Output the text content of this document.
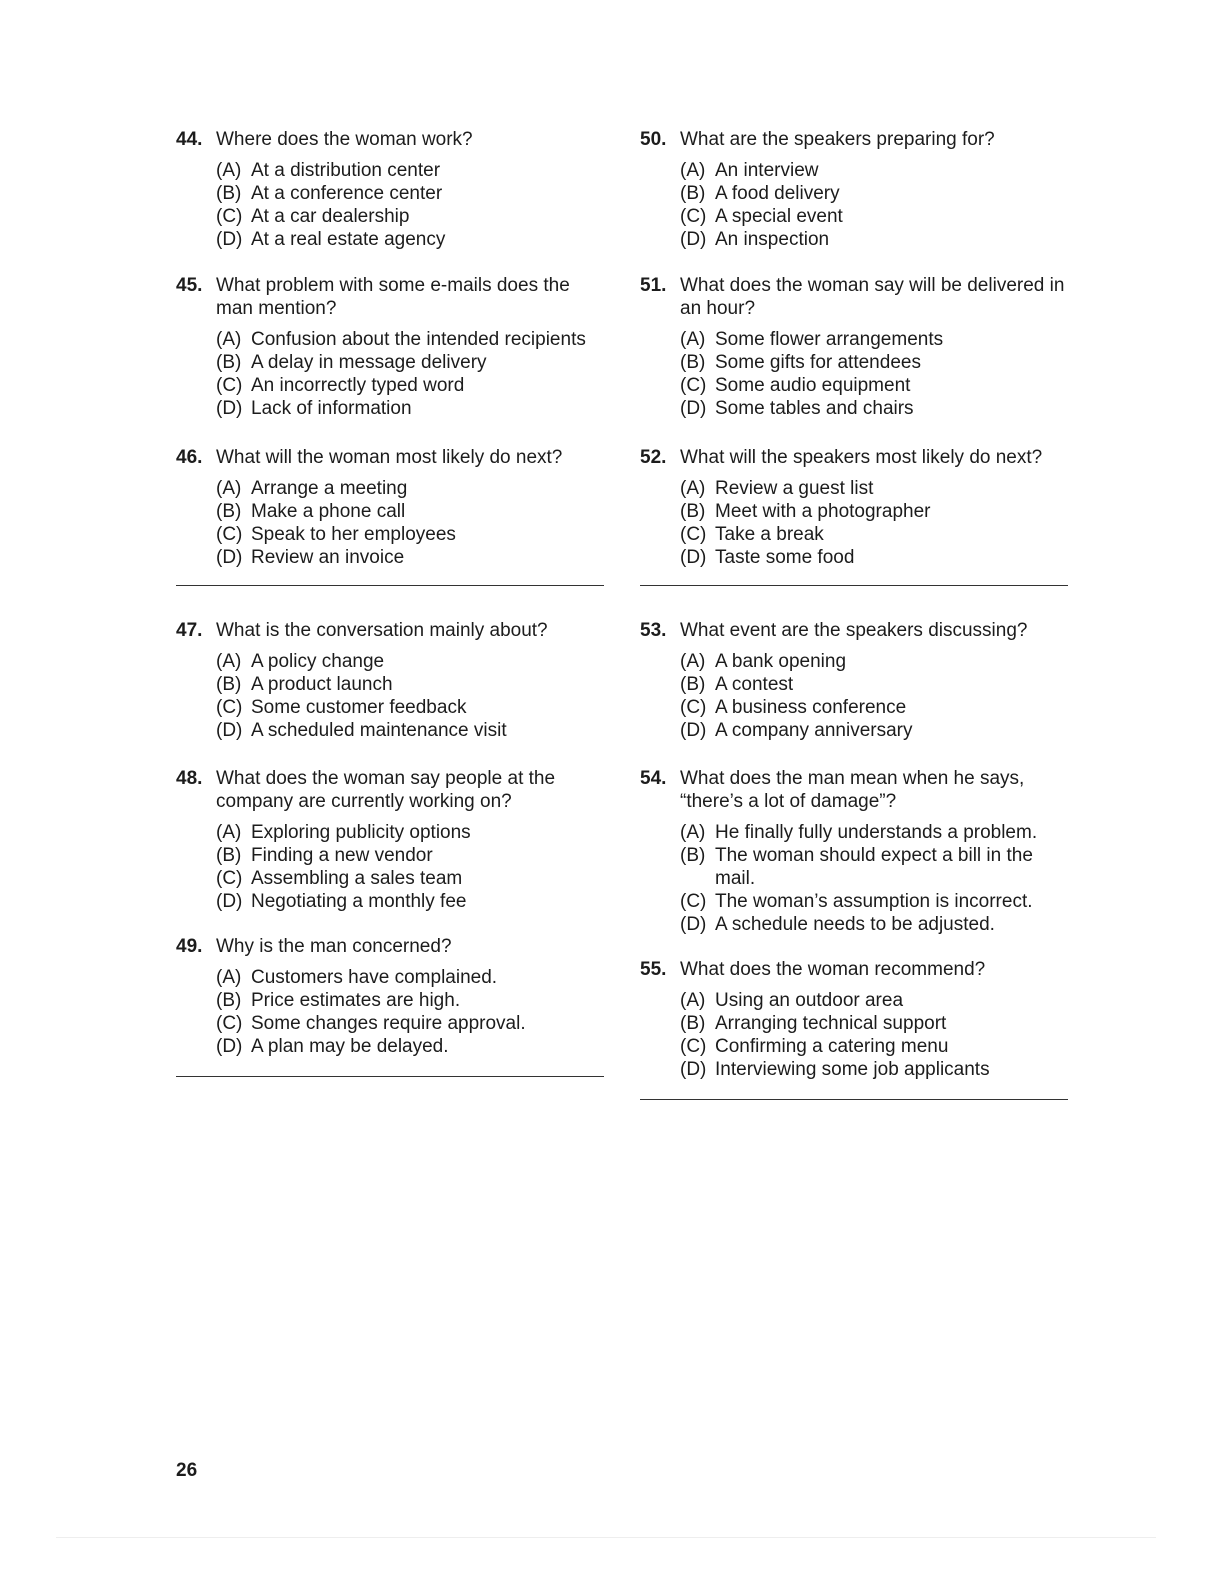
44. Where does the woman work?
(A) At a distribution center
(B) At a conference center
(C) At a car dealership
(D) At a real estate agency
45. What problem with some e-mails does the man mention?
(A) Confusion about the intended recipients
(B) A delay in message delivery
(C) An incorrectly typed word
(D) Lack of information
46. What will the woman most likely do next?
(A) Arrange a meeting
(B) Make a phone call
(C) Speak to her employees
(D) Review an invoice
47. What is the conversation mainly about?
(A) A policy change
(B) A product launch
(C) Some customer feedback
(D) A scheduled maintenance visit
48. What does the woman say people at the company are currently working on?
(A) Exploring publicity options
(B) Finding a new vendor
(C) Assembling a sales team
(D) Negotiating a monthly fee
49. Why is the man concerned?
(A) Customers have complained.
(B) Price estimates are high.
(C) Some changes require approval.
(D) A plan may be delayed.
50. What are the speakers preparing for?
(A) An interview
(B) A food delivery
(C) A special event
(D) An inspection
51. What does the woman say will be delivered in an hour?
(A) Some flower arrangements
(B) Some gifts for attendees
(C) Some audio equipment
(D) Some tables and chairs
52. What will the speakers most likely do next?
(A) Review a guest list
(B) Meet with a photographer
(C) Take a break
(D) Taste some food
53. What event are the speakers discussing?
(A) A bank opening
(B) A contest
(C) A business conference
(D) A company anniversary
54. What does the man mean when he says, “there’s a lot of damage”?
(A) He finally fully understands a problem.
(B) The woman should expect a bill in the mail.
(C) The woman’s assumption is incorrect.
(D) A schedule needs to be adjusted.
55. What does the woman recommend?
(A) Using an outdoor area
(B) Arranging technical support
(C) Confirming a catering menu
(D) Interviewing some job applicants
26
